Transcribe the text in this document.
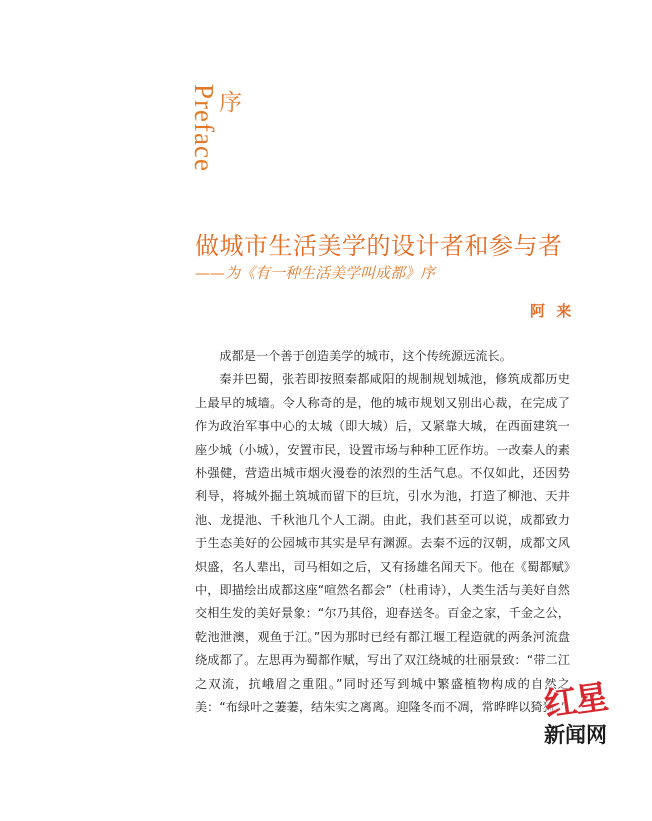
Preface 序
做城市生活美学的设计者和参与者
——为《有一种生活美学叫成都》序
阿 来

成都是一个善于创造美学的城市，这个传统源远流长。

秦并巴蜀，张若即按照秦都咸阳的规制规划城池，修筑成都历史上最早的城墙。令人称奇的是，他的城市规划又别出心裁，在完成了作为政治军事中心的太城（即大城）后，又紧靠大城，在西面建筑一座少城（小城），安置市民，设置市场与种种工匠作坊。一改秦人的素朴强健，营造出城市烟火漫卷的浓烈的生活气息。不仅如此，还因势利导，将城外掘土筑城而留下的巨坑，引水为池，打造了柳池、天井池、龙提池、千秋池几个人工湖。由此，我们甚至可以说，成都致力于生态美好的公园城市其实是早有渊源。去秦不远的汉朝，成都文风炽盛，名人辈出，司马相如之后，又有扬雄名闻天下。他在《蜀都赋》中，即描绘出成都这座“喧然名都会”（杜甫诗），人类生活与美好自然交相生发的美好景象：“尔乃其俗，迎春送冬。百金之家，千金之公，乾池泄澳，观鱼于江。”因为那时已经有都江堰工程造就的两条河流盘绕成都了。左思再为蜀都作赋，写出了双江绕城的壮丽景致：“带二江之双流，抗峨眉之重阻。”同时还写到城中繁盛植物构成的自然之美：“布绿叶之萋萋，结朱实之离离。迎隆冬而不凋，常晔晔以猗猗。”

红星
新闻网
